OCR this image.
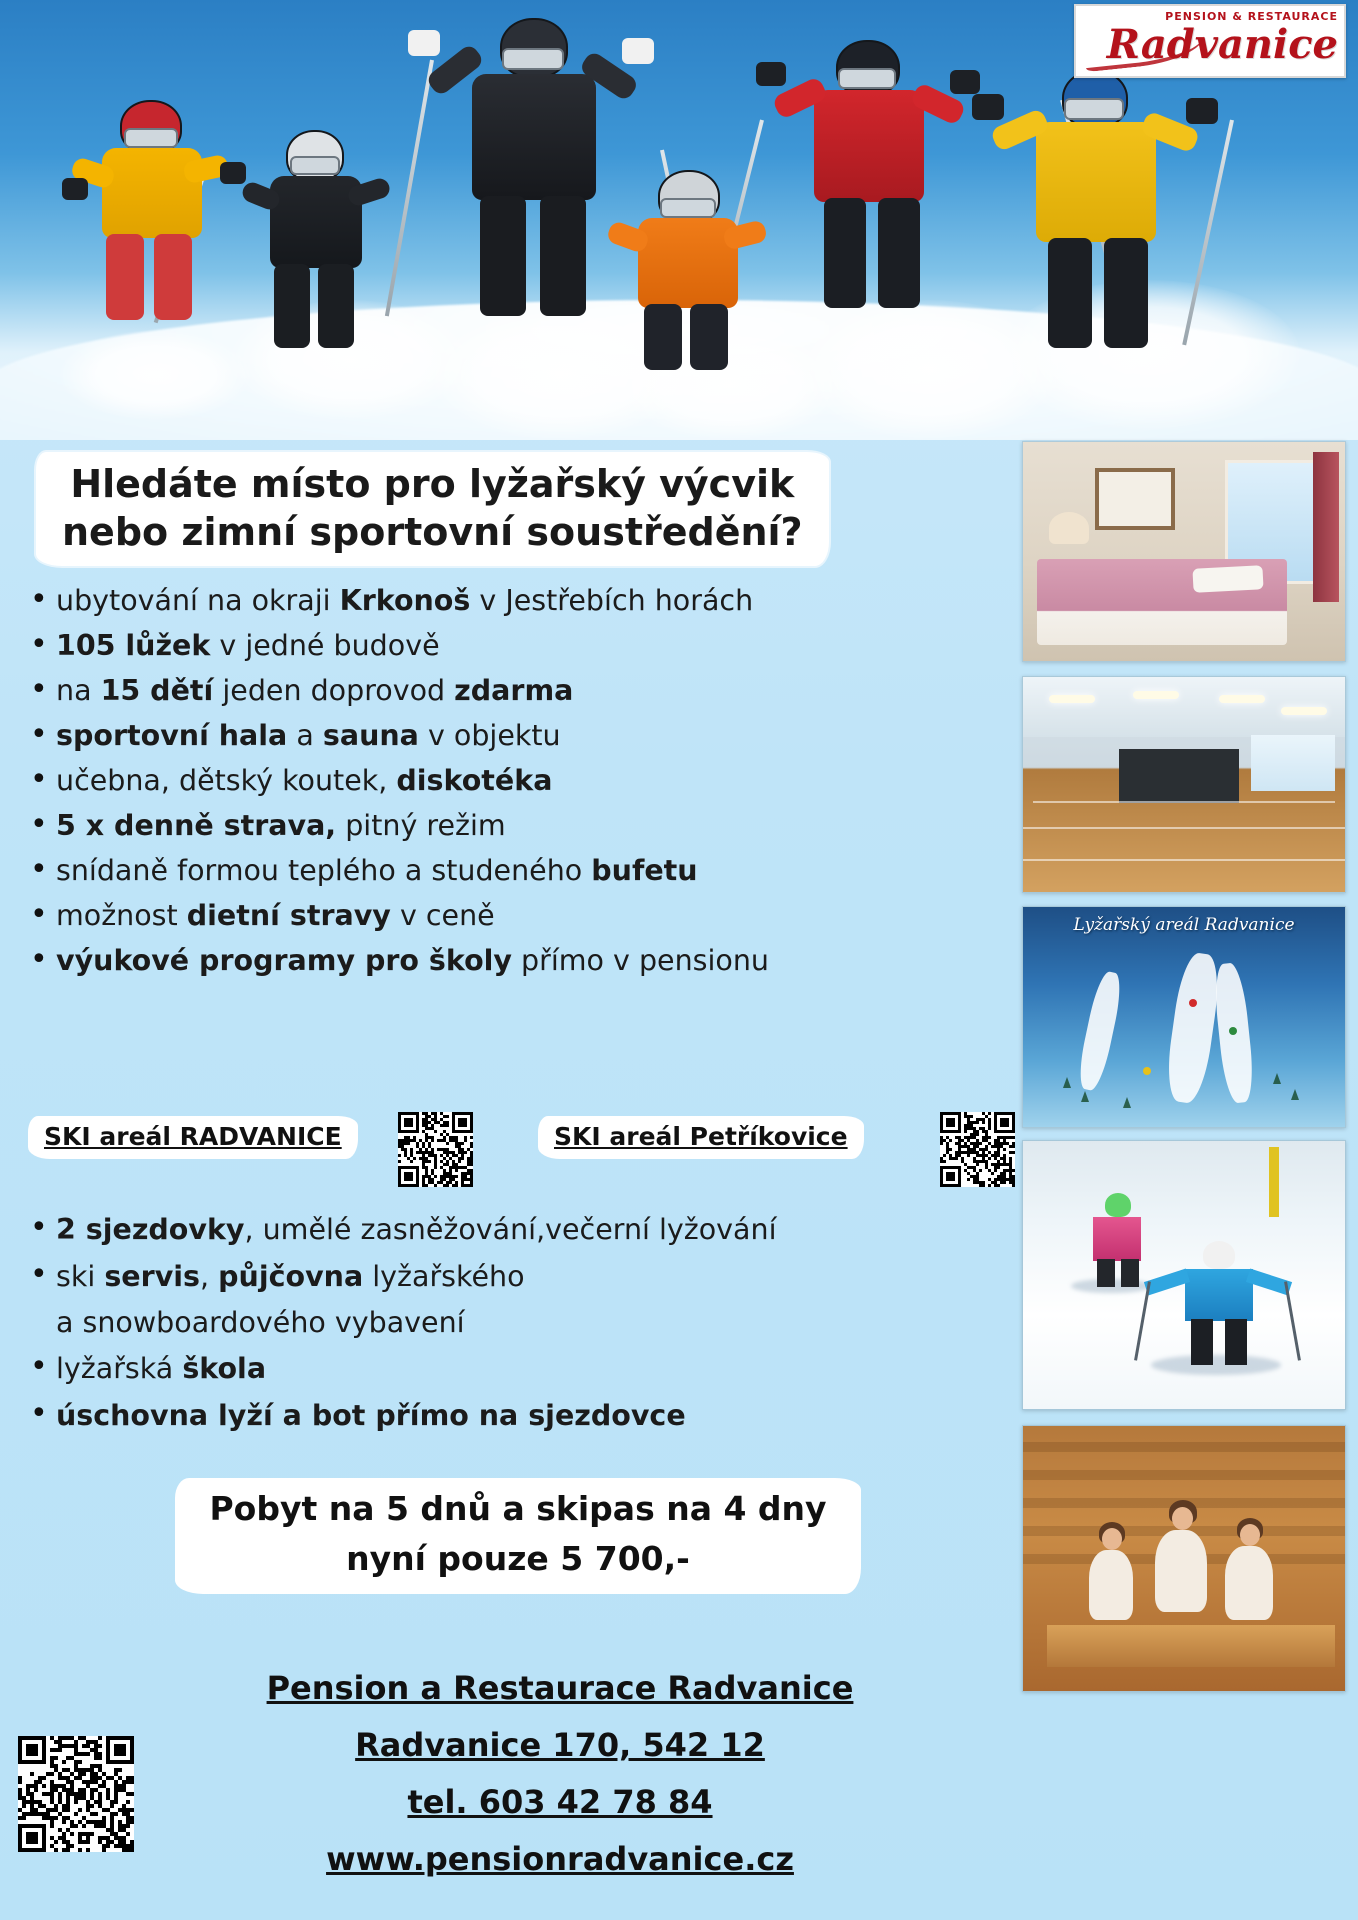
PENSION & RESTAURACE
Radvanice
Hledáte místo pro lyžařský výcvik
nebo zimní sportovní soustředění?
• ubytování na okraji Krkonoš v Jestřebích horách
• 105 lůžek v jedné budově
• na 15 dětí jeden doprovod zdarma
• sportovní hala a sauna v objektu
• učebna, dětský koutek, diskotéka
• 5 x denně strava, pitný režim
• snídaně formou teplého a studeného bufetu
• možnost dietní stravy v ceně
• výukové programy pro školy přímo v pensionu
SKI areál RADVANICE	SKI areál Petříkovice
• 2 sjezdovky, umělé zasněžování,večerní lyžování
• ski servis, půjčovna lyžařského
a snowboardového vybavení
• lyžařská škola
• úschovna lyží a bot přímo na sjezdovce
Pobyt na 5 dnů a skipas na 4 dny
nyní pouze 5 700,-
Pension a Restaurace Radvanice
Radvanice 170, 542 12
tel. 603 42 78 84
www.pensionradvanice.cz
Lyžařský areál Radvanice
